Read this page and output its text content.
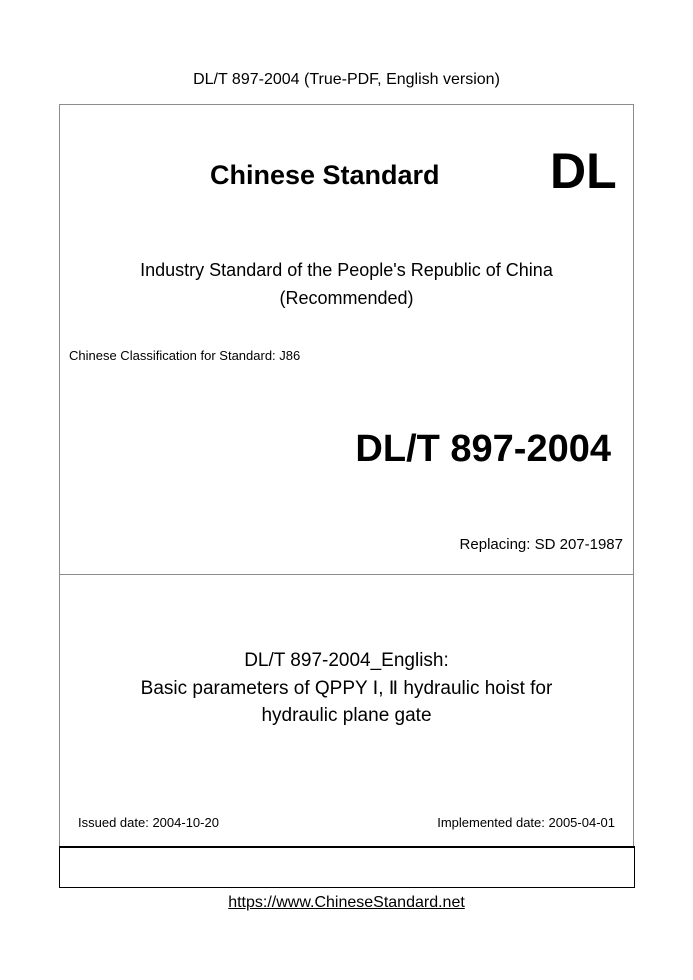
DL/T 897-2004 (True-PDF, English version)
Chinese Standard DL
Industry Standard of the People's Republic of China
(Recommended)
Chinese Classification for Standard: J86
DL/T 897-2004
Replacing: SD 207-1987
DL/T 897-2004_English:
Basic parameters of QPPY Ⅰ, Ⅱ hydraulic hoist for
hydraulic plane gate
Issued date: 2004-10-20	Implemented date: 2005-04-01
https://www.ChineseStandard.net
